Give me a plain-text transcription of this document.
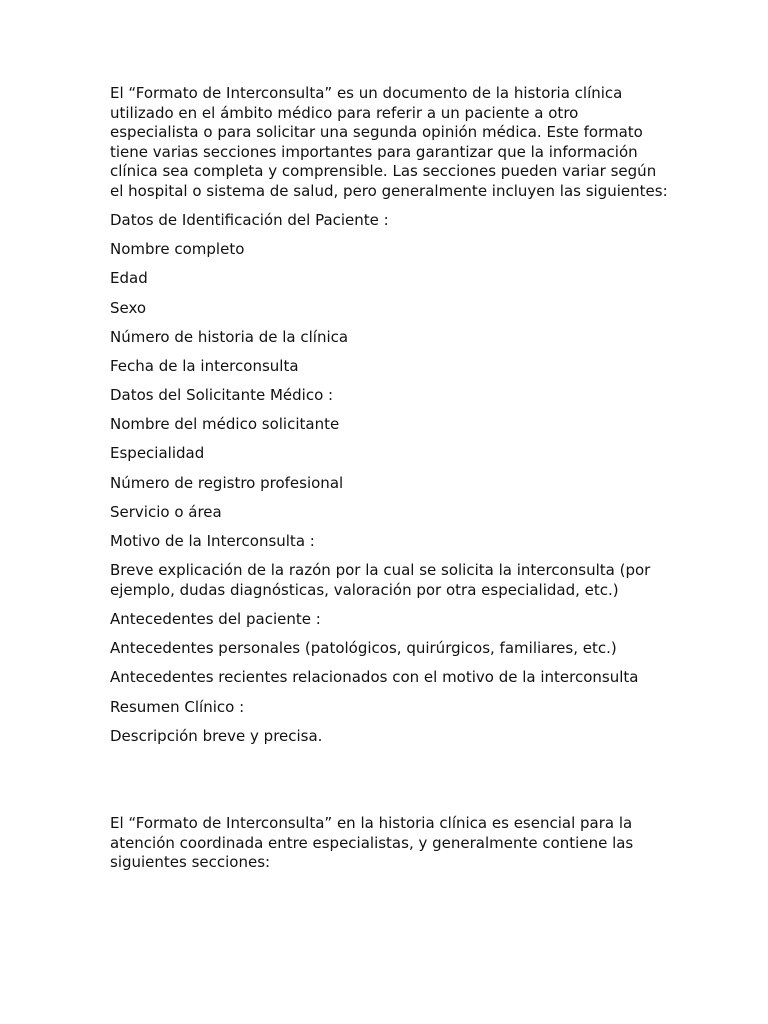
El “Formato de Interconsulta” es un documento de la historia clínica utilizado en el ámbito médico para referir a un paciente a otro especialista o para solicitar una segunda opinión médica. Este formato tiene varias secciones importantes para garantizar que la información clínica sea completa y comprensible. Las secciones pueden variar según el hospital o sistema de salud, pero generalmente incluyen las siguientes:

Datos de Identificación del Paciente :

Nombre completo

Edad

Sexo

Número de historia de la clínica

Fecha de la interconsulta

Datos del Solicitante Médico :

Nombre del médico solicitante

Especialidad

Número de registro profesional

Servicio o área

Motivo de la Interconsulta :

Breve explicación de la razón por la cual se solicita la interconsulta (por ejemplo, dudas diagnósticas, valoración por otra especialidad, etc.)

Antecedentes del paciente :

Antecedentes personales (patológicos, quirúrgicos, familiares, etc.)

Antecedentes recientes relacionados con el motivo de la interconsulta

Resumen Clínico :

Descripción breve y precisa.

El “Formato de Interconsulta” en la historia clínica es esencial para la atención coordinada entre especialistas, y generalmente contiene las siguientes secciones:
